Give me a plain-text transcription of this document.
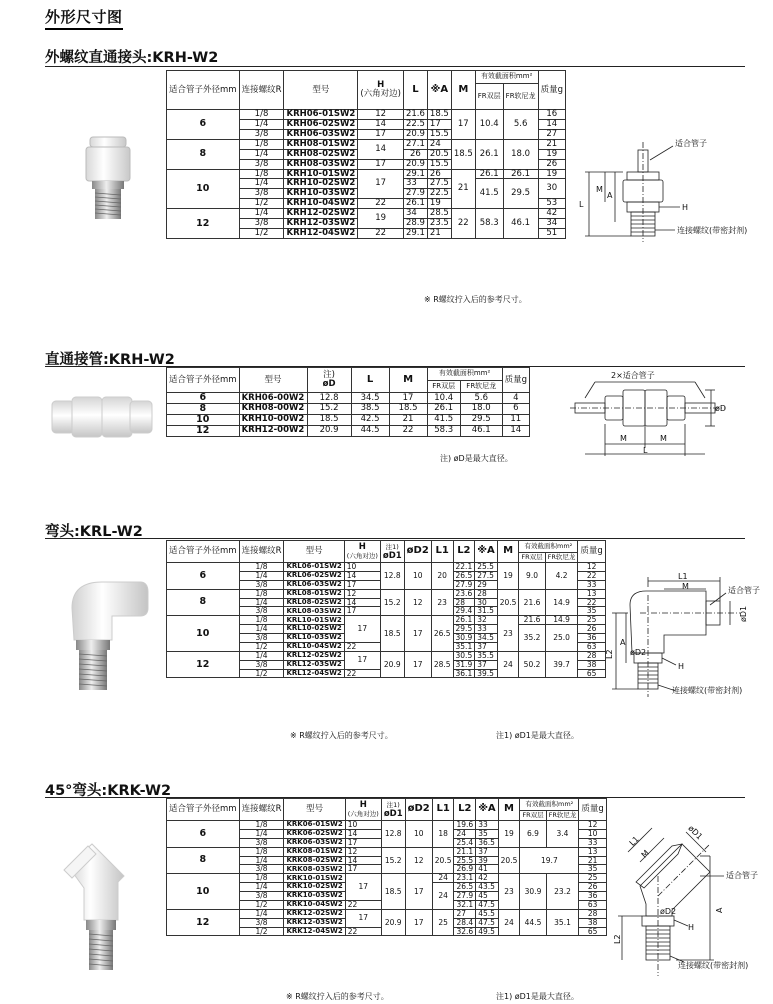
外形尺寸图
外螺纹直通接头:KRH-W2
适合管子外径mm	连接螺纹R	型号	H
(六角对边)	L	※A	M	有效截面积mm²		质量g
							FR双层	FR软尼龙	
6	1/8	KRH06-01SW2	12	21.6	18.5	17	10.4	5.6	16
	1/4	KRH06-02SW2	14	22.5	17				14
	3/8	KRH06-03SW2	17	20.9	15.5				27
8	1/8	KRH08-01SW2	14	27.1	24	18.5	26.1	18.0	21
	1/4	KRH08-02SW2		26	20.5				19
	3/8	KRH08-03SW2	17	20.9	15.5				26
10	1/8	KRH10-01SW2	17	29.1	26	21	26.1	26.1	19
	1/4	KRH10-02SW2		33	27.5		41.5	29.5	30
	3/8	KRH10-03SW2		27.9	22.5				
	1/2	KRH10-04SW2	22	26.1	19				53
12	1/4	KRH12-02SW2	19	34	28.5	22	58.3	46.1	42
	3/8	KRH12-03SW2		28.9	23.5				34
	1/2	KRH12-04SW2	22	29.1	21				51
※ R螺纹拧入后的参考尺寸。
适合管子
H
连接螺纹(带密封剂)
L
M
A
直通接管:KRH-W2
适合管子外径mm	型号	注)
øD	L	M	有效截面积mm²		质量g
					FR双层	FR软尼龙	
6	KRH06-00W2	12.8	34.5	17	10.4	5.6	4
8	KRH08-00W2	15.2	38.5	18.5	26.1	18.0	6
10	KRH10-00W2	18.5	42.5	21	41.5	29.5	11
12	KRH12-00W2	20.9	44.5	22	58.3	46.1	14
注) øD是最大直径。
2×适合管子
M	M
L
øD
弯头:KRL-W2
适合管子外径mm	连接螺纹R	型号	H
(六角对边)	注1)
øD1	øD2	L1	L2	※A	M	有效截面积mm²		质量g
										FR双层	FR软尼龙	
6	1/8	KRL06-01SW2	10	12.8	10	20	22.1	25.5	19	9.0	4.2	12
	1/4	KRL06-02SW2	14				26.5	27.5				22
	3/8	KRL06-03SW2	17				27.9	29				33
8	1/8	KRL08-01SW2	12	15.2	12	23	23.6	28	20.5	21.6	14.9	13
	1/4	KRL08-02SW2	14				28	30				22
	3/8	KRL08-03SW2	17				29.4	31.5				35
10	1/8	KRL10-01SW2	17	18.5	17	26.5	26.1	32	23	21.6	14.9	25
	1/4	KRL10-02SW2					29.5	33		35.2	25.0	26
	3/8	KRL10-03SW2					30.9	34.5				36
	1/2	KRL10-04SW2	22				35.1	37				63
12	1/4	KRL12-02SW2	17	20.9	17	28.5	30.5	35.5	24	50.2	39.7	28
	3/8	KRL12-03SW2					31.9	37				38
	1/2	KRL12-04SW2	22				36.1	39.5				65
※ R螺纹拧入后的参考尺寸。	注1) øD1是最大直径。
L1
M	适合管子
øD1
øD2
L2
A
H
连接螺纹(带密封剂)
45°弯头:KRK-W2
适合管子外径mm	连接螺纹R	型号	H
(六角对边)	注1)
øD1	øD2	L1	L2	※A	M	有效截面积mm²		质量g
										FR双层	FR软尼龙	
6	1/8	KRK06-01SW2	10	12.8	10	18	19.6	33	19	6.9	3.4	12
	1/4	KRK06-02SW2	14				24	35				10
	3/8	KRK06-03SW2	17				25.4	36.5				33
8	1/8	KRK08-01SW2	12	15.2	12	20.5	21.1	37	20.5	19.7		13
	1/4	KRK08-02SW2	14				25.5	39				21
	3/8	KRK08-03SW2	17				26.9	41				35
10	1/8	KRK10-01SW2	17	18.5	17	24	23.1	42	23	30.9	23.2	25
	1/4	KRK10-02SW2				24	26.5	43.5				26
	3/8	KRK10-03SW2					27.9	45				36
	1/2	KRK10-04SW2	22				32.1	47.5				63
12	1/4	KRK12-02SW2	17	20.9	17	25	27	45.5	24	44.5	35.1	28
	3/8	KRK12-03SW2					28.4	47.5				38
	1/2	KRK12-04SW2	22				32.6	49.5				65
※ R螺纹拧入后的参考尺寸。	注1) øD1是最大直径。
L1
M
øD1
适合管子
øD2	A
L2
H
连接螺纹(带密封剂)
